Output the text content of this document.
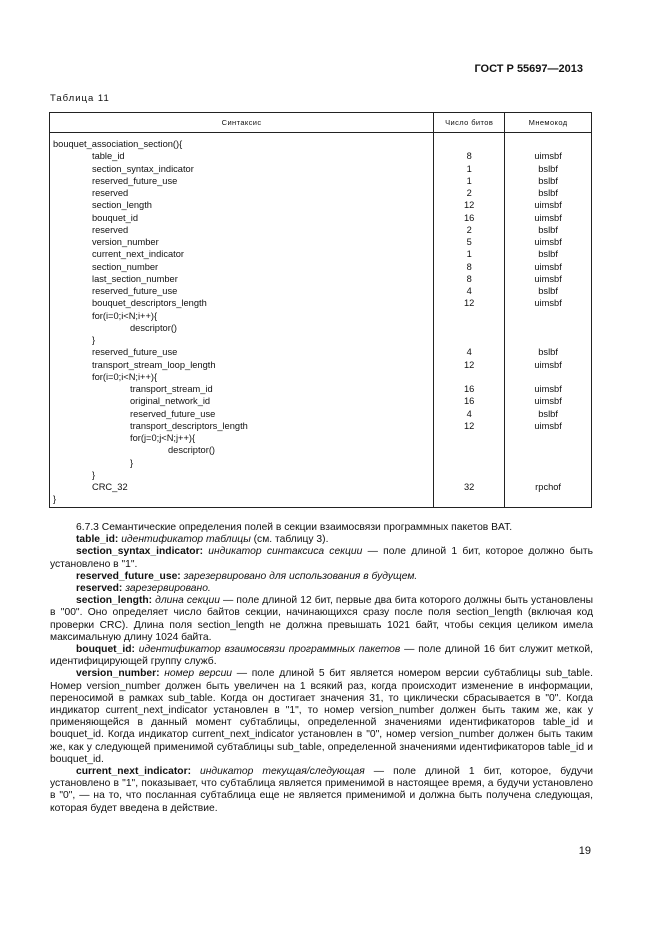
ГОСТ Р 55697—2013
Таблица 11
Синтаксис	Число битов	Мнемокод
bouquet_association_section(){		
table_id	8	uimsbf
section_syntax_indicator	1	bslbf
reserved_future_use	1	bslbf
reserved	2	bslbf
section_length	12	uimsbf
bouquet_id	16	uimsbf
reserved	2	bslbf
version_number	5	uimsbf
current_next_indicator	1	bslbf
section_number	8	uimsbf
last_section_number	8	uimsbf
reserved_future_use	4	bslbf
bouquet_descriptors_length	12	uimsbf
for(i=0;i<N;i++){		
descriptor()		
}		
reserved_future_use	4	bslbf
transport_stream_loop_length	12	uimsbf
for(i=0;i<N;i++){		
transport_stream_id	16	uimsbf
original_network_id	16	uimsbf
reserved_future_use	4	bslbf
transport_descriptors_length	12	uimsbf
for(j=0;j<N;j++){		
descriptor()		
}		
}		
CRC_32	32	rpchof
}		

6.7.3 Семантические определения полей в секции взаимосвязи программных пакетов BAT.

table_id: идентификатор таблицы (см. таблицу 3).

section_syntax_indicator: индикатор синтаксиса секции — поле длиной 1 бит, которое должно быть установлено в "1".

reserved_future_use: зарезервировано для использования в будущем.

reserved: зарезервировано.

section_length: длина секции — поле длиной 12 бит, первые два бита которого должны быть установлены в "00". Оно определяет число байтов секции, начинающихся сразу после поля section_length (включая код проверки CRC). Длина поля section_length не должна превышать 1021 байт, чтобы секция целиком имела максимальную длину 1024 байта.

bouquet_id: идентификатор взаимосвязи программных пакетов — поле длиной 16 бит служит меткой, идентифицирующей группу служб.

version_number: номер версии — поле длиной 5 бит является номером версии субтаблицы sub_table. Номер version_number должен быть увеличен на 1 всякий раз, когда происходит изменение в информации, переносимой в рамках sub_table. Когда он достигает значения 31, то циклически сбрасывается в "0". Когда индикатор current_next_indicator установлен в "1", то номер version_number должен быть таким же, как у применяющейся в данный момент субтаблицы, определенной значениями идентификаторов table_id и bouquet_id. Когда индикатор current_next_indicator установлен в "0", номер version_number должен быть таким же, как у следующей применимой субтаблицы sub_table, определенной значениями идентификаторов table_id и bouquet_id.

current_next_indicator: индикатор текущая/следующая — поле длиной 1 бит, которое, будучи установлено в "1", показывает, что субтаблица является применимой в настоящее время, а будучи установлено в "0", — на то, что посланная субтаблица еще не является применимой и должна быть получена следующая, которая будет введена в действие.

19
